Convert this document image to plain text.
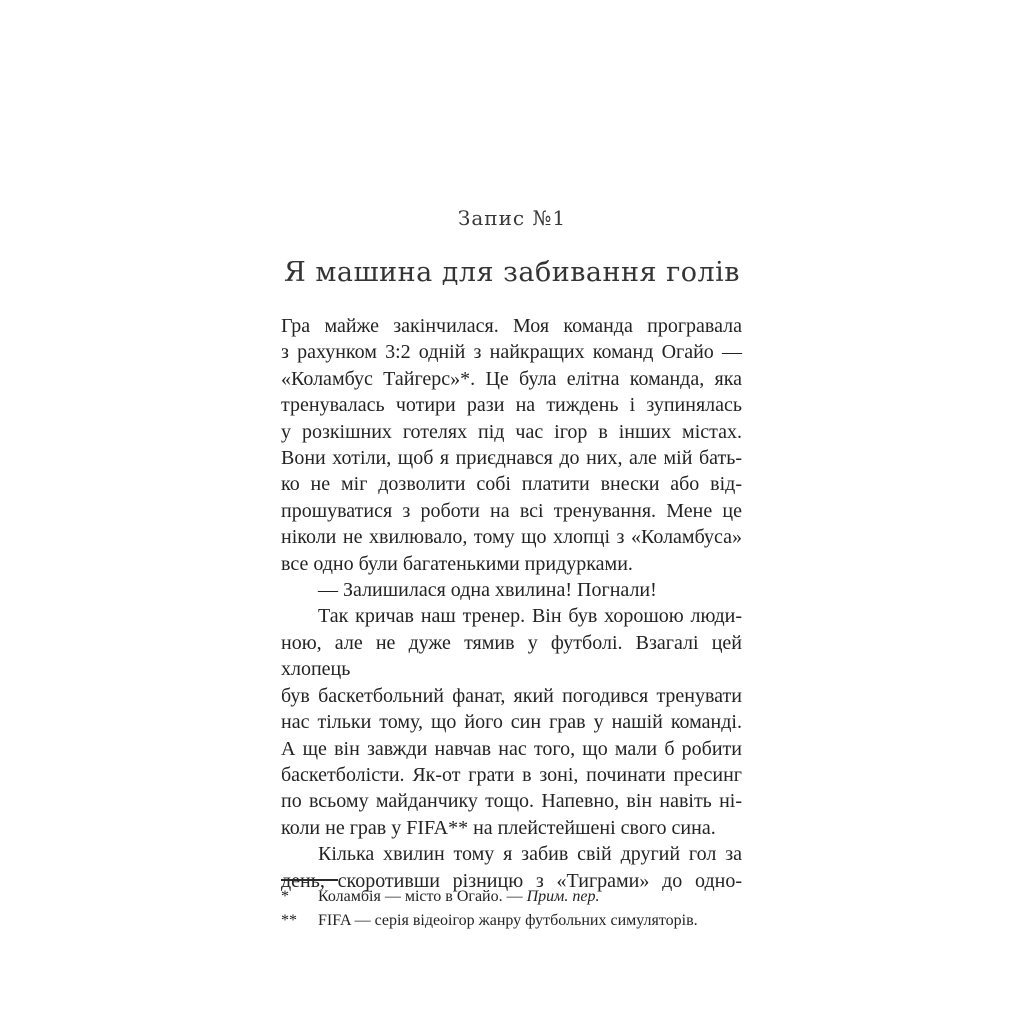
Запис №1
Я машина для забивання голів
Гра майже закінчилася. Моя команда програвала
з рахунком 3:2 одній з найкращих команд Огайо —
«Коламбус Тайгерс»*. Це була елітна команда, яка
тренувалась чотири рази на тиждень і зупинялась
у розкішних готелях під час ігор в інших містах.
Вони хотіли, щоб я приєднався до них, але мій бать-
ко не міг дозволити собі платити внески або від-
прошуватися з роботи на всі тренування. Мене це
ніколи не хвилювало, тому що хлопці з «Коламбуса»
все одно були багатенькими придурками.
— Залишилася одна хвилина! Погнали!
Так кричав наш тренер. Він був хорошою люди-
ною, але не дуже тямив у футболі. Взагалі цей хлопець
був баскетбольний фанат, який погодився тренувати
нас тільки тому, що його син грав у нашій команді.
А ще він завжди навчав нас того, що мали б робити
баскетболісти. Як-от грати в зоні, починати пресинг
по всьому майданчику тощо. Напевно, він навіть ні-
коли не грав у FIFA** на плейстейшені свого сина.
Кілька хвилин тому я забив свій другий гол за
день, скоротивши різницю з «Тиграми» до одно-
*	Коламбія — місто в Огайо. — Прим. пер.
**	FIFA — серія відеоігор жанру футбольних симуляторів.
